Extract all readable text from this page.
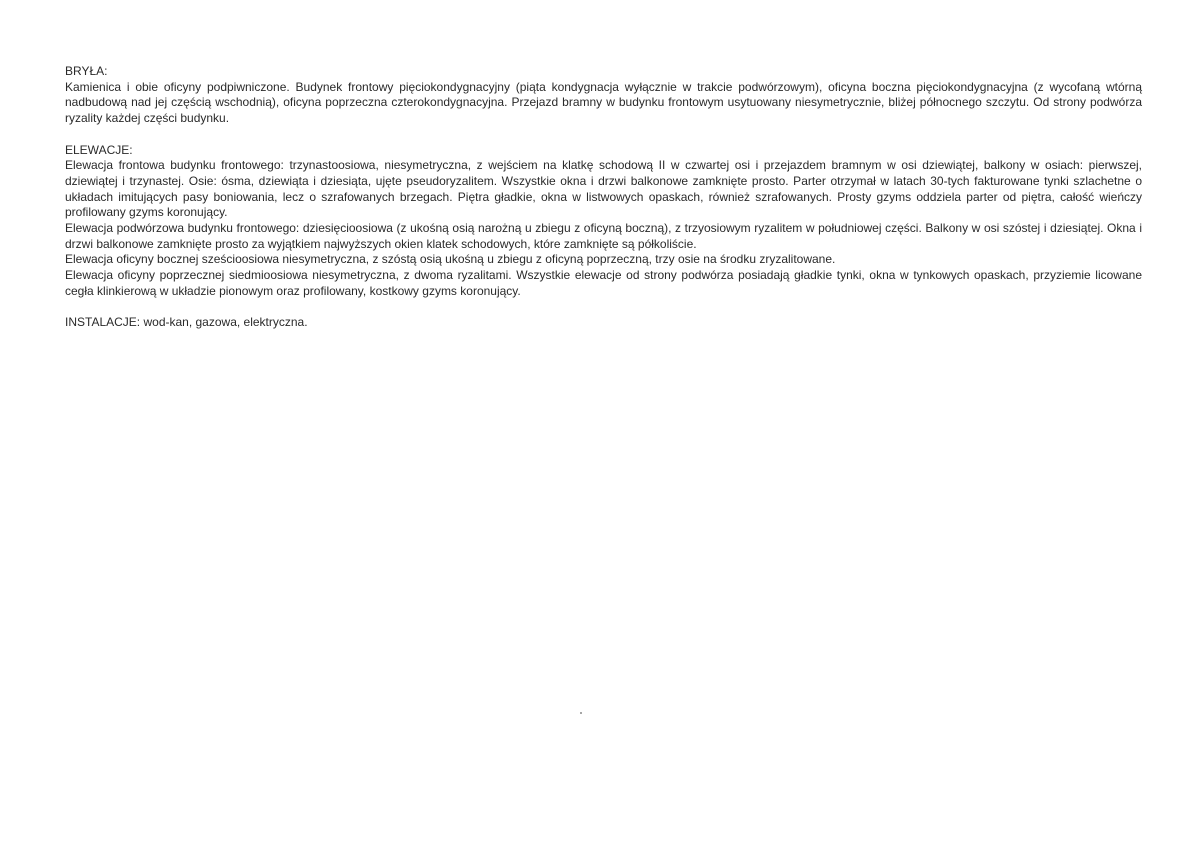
BRYŁA:

Kamienica i obie oficyny podpiwniczone. Budynek frontowy pięciokondygnacyjny (piąta kondygnacja wyłącznie w trakcie podwórzowym), oficyna boczna pięciokondygnacyjna (z wycofaną wtórną nadbudową nad jej częścią wschodnią), oficyna poprzeczna czterokondygnacyjna. Przejazd bramny w budynku frontowym usytuowany niesymetrycznie, bliżej północnego szczytu. Od strony podwórza ryzality każdej części budynku.

ELEWACJE:

Elewacja frontowa budynku frontowego: trzynastoosiowa, niesymetryczna, z wejściem na klatkę schodową II w czwartej osi i przejazdem bramnym w osi dziewiątej, balkony w osiach: pierwszej, dziewiątej i trzynastej. Osie: ósma, dziewiąta i dziesiąta, ujęte pseudoryzalitem. Wszystkie okna i drzwi balkonowe zamknięte prosto. Parter otrzymał w latach 30-tych fakturowane tynki szlachetne o układach imitujących pasy boniowania, lecz o szrafowanych brzegach. Piętra gładkie, okna w listwowych opaskach, również szrafowanych. Prosty gzyms oddziela parter od piętra, całość wieńczy profilowany gzyms koronujący.

Elewacja podwórzowa budynku frontowego: dziesięcioosiowa (z ukośną osią narożną u zbiegu z oficyną boczną), z trzyosiowym ryzalitem w południowej części. Balkony w osi szóstej i dziesiątej. Okna i drzwi balkonowe zamknięte prosto za wyjątkiem najwyższych okien klatek schodowych, które zamknięte są półkoliście.

Elewacja oficyny bocznej sześcioosiowa niesymetryczna, z szóstą osią ukośną u zbiegu z oficyną poprzeczną, trzy osie na środku zryzalitowane.

Elewacja oficyny poprzecznej siedmioosiowa niesymetryczna, z dwoma ryzalitami. Wszystkie elewacje od strony podwórza posiadają gładkie tynki, okna w tynkowych opaskach, przyziemie licowane cegła klinkierową w układzie pionowym oraz profilowany, kostkowy gzyms koronujący.

INSTALACJE: wod-kan, gazowa, elektryczna.
